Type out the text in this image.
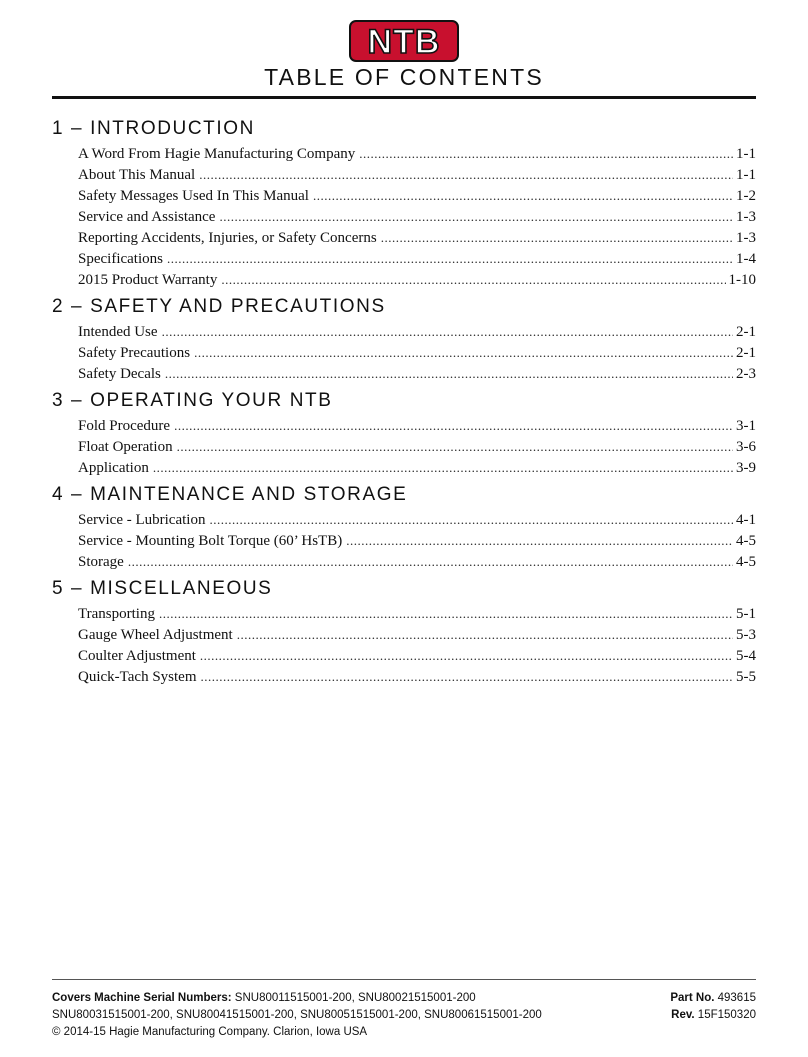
NTB
TABLE OF CONTENTS
1 – INTRODUCTION
A Word From Hagie Manufacturing Company .....	1-1
About This Manual .....	1-1
Safety Messages Used In This Manual .....	1-2
Service and Assistance .....	1-3
Reporting Accidents, Injuries, or Safety Concerns .....	1-3
Specifications .....	1-4
2015 Product Warranty .....	1-10
2 – SAFETY AND PRECAUTIONS
Intended Use .....	2-1
Safety Precautions .....	2-1
Safety Decals .....	2-3
3 – OPERATING YOUR NTB
Fold Procedure .....	3-1
Float Operation .....	3-6
Application .....	3-9
4 – MAINTENANCE AND STORAGE
Service - Lubrication .....	4-1
Service - Mounting Bolt Torque (60’ HsTB) .....	4-5
Storage .....	4-5
5 – MISCELLANEOUS
Transporting .....	5-1
Gauge Wheel Adjustment .....	5-3
Coulter Adjustment .....	5-4
Quick-Tach System .....	5-5
Covers Machine Serial Numbers: SNU80011515001-200, SNU80021515001-200	Part No. 493615
SNU80031515001-200, SNU80041515001-200, SNU80051515001-200, SNU80061515001-200	Rev. 15F150320
© 2014-15 Hagie Manufacturing Company. Clarion, Iowa USA
